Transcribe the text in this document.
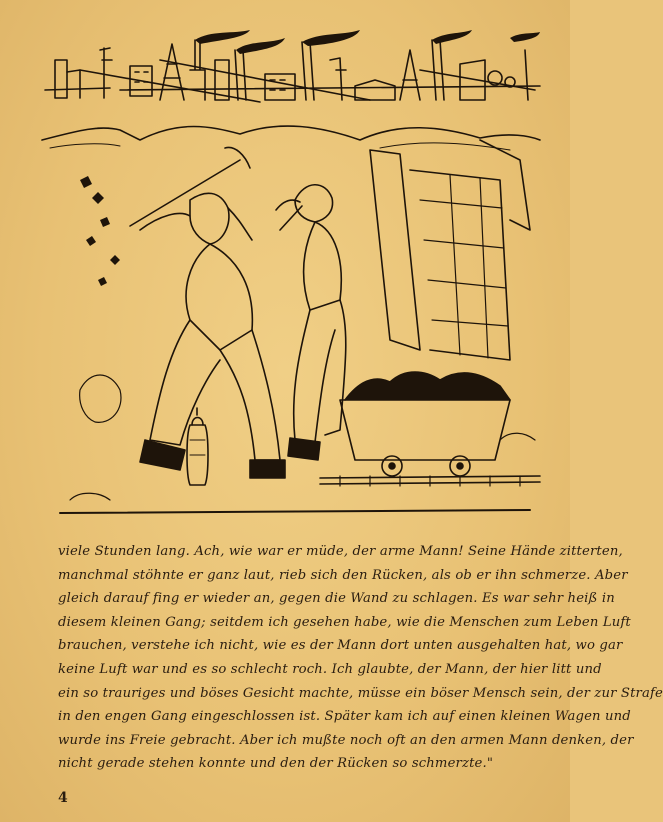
viele Stunden lang. Ach, wie war er müde, der arme Mann! Seine Hände zitterten,
manchmal stöhnte er ganz laut, rieb sich den Rücken, als ob er ihn schmerze. Aber
gleich darauf fing er wieder an, gegen die Wand zu schlagen. Es war sehr heiß in
diesem kleinen Gang; seitdem ich gesehen habe, wie die Menschen zum Leben Luft
brauchen, verstehe ich nicht, wie es der Mann dort unten ausgehalten hat, wo gar
keine Luft war und es so schlecht roch. Ich glaubte, der Mann, der hier litt und
ein so trauriges und böses Gesicht machte, müsse ein böser Mensch sein, der zur Strafe
in den engen Gang eingeschlossen ist. Später kam ich auf einen kleinen Wagen und
wurde ins Freie gebracht. Aber ich mußte noch oft an den armen Mann denken, der
nicht gerade stehen konnte und den der Rücken so schmerzte."
4
